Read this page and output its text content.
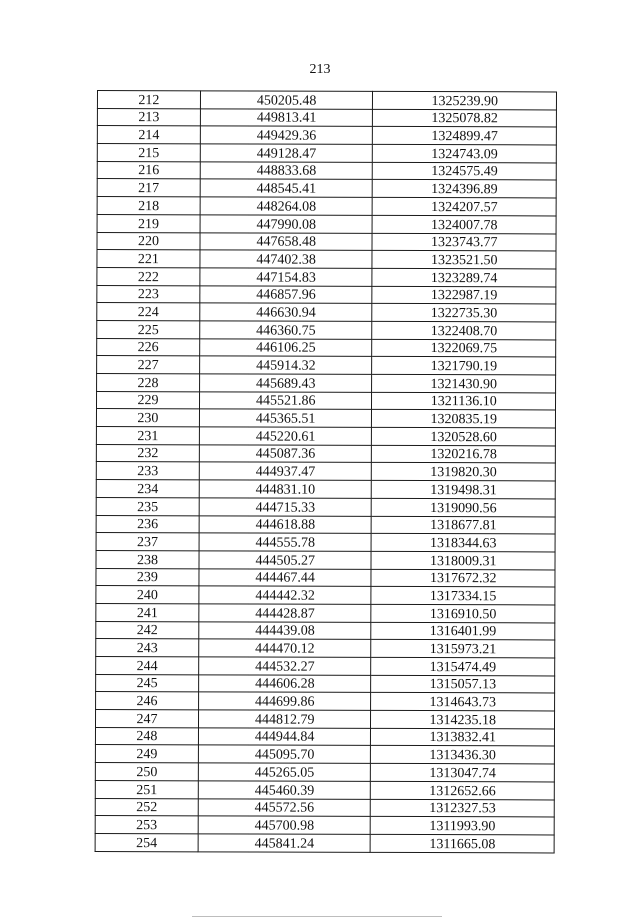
213
212	450205.48	1325239.90
213	449813.41	1325078.82
214	449429.36	1324899.47
215	449128.47	1324743.09
216	448833.68	1324575.49
217	448545.41	1324396.89
218	448264.08	1324207.57
219	447990.08	1324007.78
220	447658.48	1323743.77
221	447402.38	1323521.50
222	447154.83	1323289.74
223	446857.96	1322987.19
224	446630.94	1322735.30
225	446360.75	1322408.70
226	446106.25	1322069.75
227	445914.32	1321790.19
228	445689.43	1321430.90
229	445521.86	1321136.10
230	445365.51	1320835.19
231	445220.61	1320528.60
232	445087.36	1320216.78
233	444937.47	1319820.30
234	444831.10	1319498.31
235	444715.33	1319090.56
236	444618.88	1318677.81
237	444555.78	1318344.63
238	444505.27	1318009.31
239	444467.44	1317672.32
240	444442.32	1317334.15
241	444428.87	1316910.50
242	444439.08	1316401.99
243	444470.12	1315973.21
244	444532.27	1315474.49
245	444606.28	1315057.13
246	444699.86	1314643.73
247	444812.79	1314235.18
248	444944.84	1313832.41
249	445095.70	1313436.30
250	445265.05	1313047.74
251	445460.39	1312652.66
252	445572.56	1312327.53
253	445700.98	1311993.90
254	445841.24	1311665.08
